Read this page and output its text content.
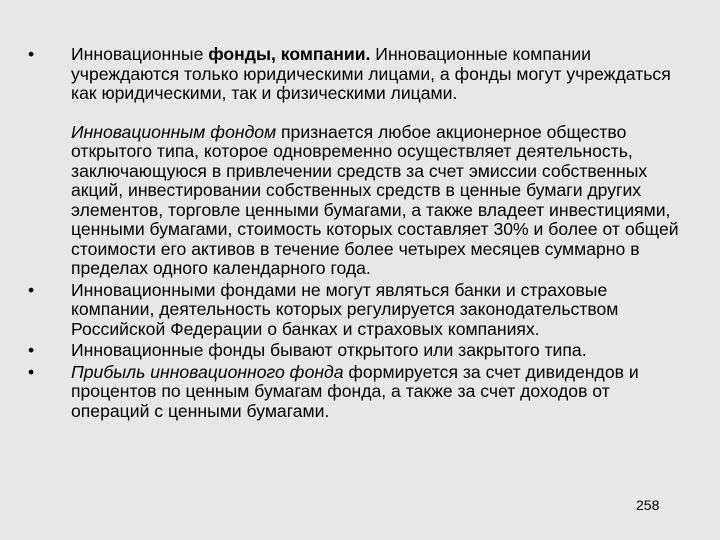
•	Инновационные фонды, компании. Инновационные компании учреждаются только юридическими лицами, а фонды могут учреждаться как юридическими, так и физическими лицами.

Инновационным фондом признается любое акционерное общество открытого типа, которое одновременно осуществляет деятельность, заключающуюся в привлечении средств за счет эмиссии собственных акций, инвестировании собственных средств в ценные бумаги других элементов, торговле ценными бумагами, а также владеет инвестициями, ценными бумагами, стоимость которых составляет 30% и более от общей стоимости его активов в течение более четырех месяцев суммарно в пределах одного календарного года.

•	Инновационными фондами не могут являться банки и страховые компании, деятельность которых регулируется законодательством Российской Федерации о банках и страховых компаниях.

•	Инновационные фонды бывают открытого или закрытого типа.

•	Прибыль инновационного фонда формируется за счет дивидендов и процентов по ценным бумагам фонда, а также за счет доходов от операций с ценными бумагами.

258
